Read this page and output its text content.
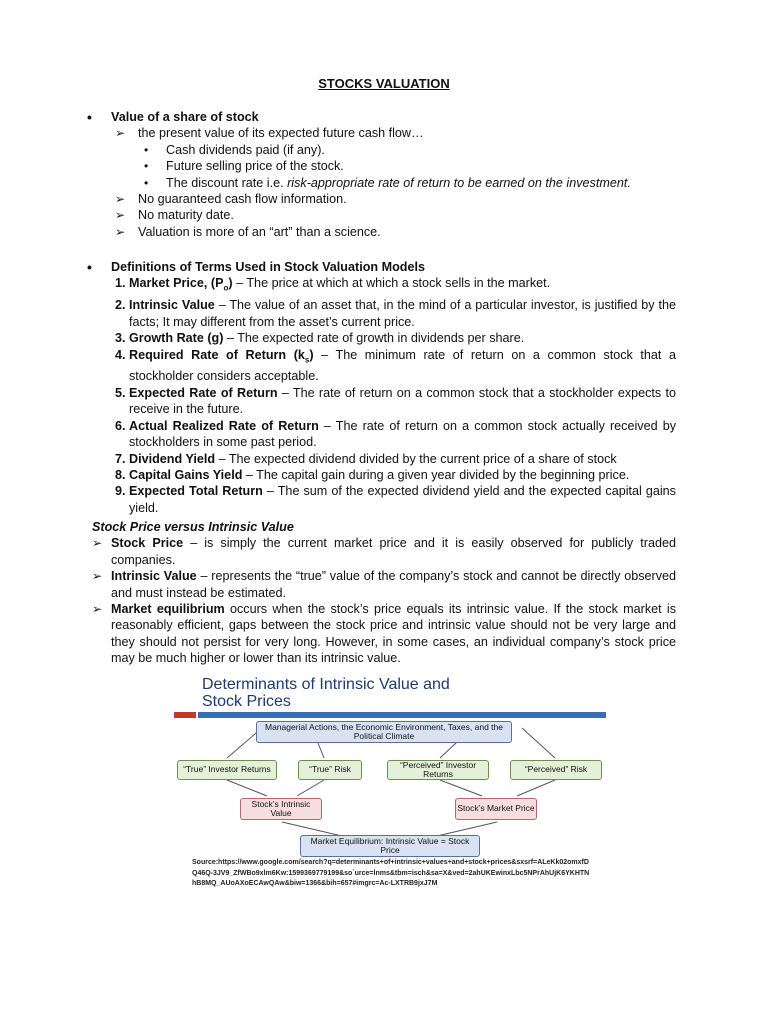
STOCKS VALUATION
• Value of a share of stock
➢ the present value of its expected future cash flow…
• Cash dividends paid (if any).
• Future selling price of the stock.
• The discount rate i.e. risk-appropriate rate of return to be earned on the investment.
➢ No guaranteed cash flow information.
➢ No maturity date.
➢ Valuation is more of an “art” than a science.
• Definitions of Terms Used in Stock Valuation Models
1. Market Price, $(P_o)$ – The price at which at which a stock sells in the market.
2. Intrinsic Value – The value of an asset that, in the mind of a particular investor, is justified by the facts; It may different from the asset’s current price.
3. Growth Rate (g) – The expected rate of growth in dividends per share.
4. Required Rate of Return $(k_s)$ – The minimum rate of return on a common stock that a stockholder considers acceptable.
5. Expected Rate of Return – The rate of return on a common stock that a stockholder expects to receive in the future.
6. Actual Realized Rate of Return – The rate of return on a common stock actually received by stockholders in some past period.
7. Dividend Yield – The expected dividend divided by the current price of a share of stock
8. Capital Gains Yield – The capital gain during a given year divided by the beginning price.
9. Expected Total Return – The sum of the expected dividend yield and the expected capital gains yield.
Stock Price versus Intrinsic Value
➢ Stock Price – is simply the current market price and it is easily observed for publicly traded companies.
➢ Intrinsic Value – represents the “true” value of the company’s stock and cannot be directly observed and must instead be estimated.
➢ Market equilibrium occurs when the stock’s price equals its intrinsic value. If the stock market is reasonably efficient, gaps between the stock price and intrinsic value should not be very large and they should not persist for very long. However, in some cases, an individual company’s stock price may be much higher or lower than its intrinsic value.
Determinants of Intrinsic Value and
Stock Prices
Managerial Actions, the Economic Environment, Taxes, and the Political Climate
“True” Investor Returns	“True” Risk	“Perceived” Investor Returns	“Perceived” Risk
Stock’s Intrinsic Value	Stock’s Market Price
Market Equilibrium: Intrinsic Value = Stock Price
Source:https://www.google.com/search?q=determinants+of+intrinsic+values+and+stock+prices&sxsrf=ALeKk02omxfDQ46Q-3JV9_ZfWBo9xlm6Kw:1599369779199&so`urce=lnms&tbm=isch&sa=X&ved=2ahUKEwinxLbc5NPrAhUjK6YKHTNhB8MQ_AUoAXoECAwQAw&biw=1366&bih=657#imgrc=Ac-LXTRB9jxJ7M
